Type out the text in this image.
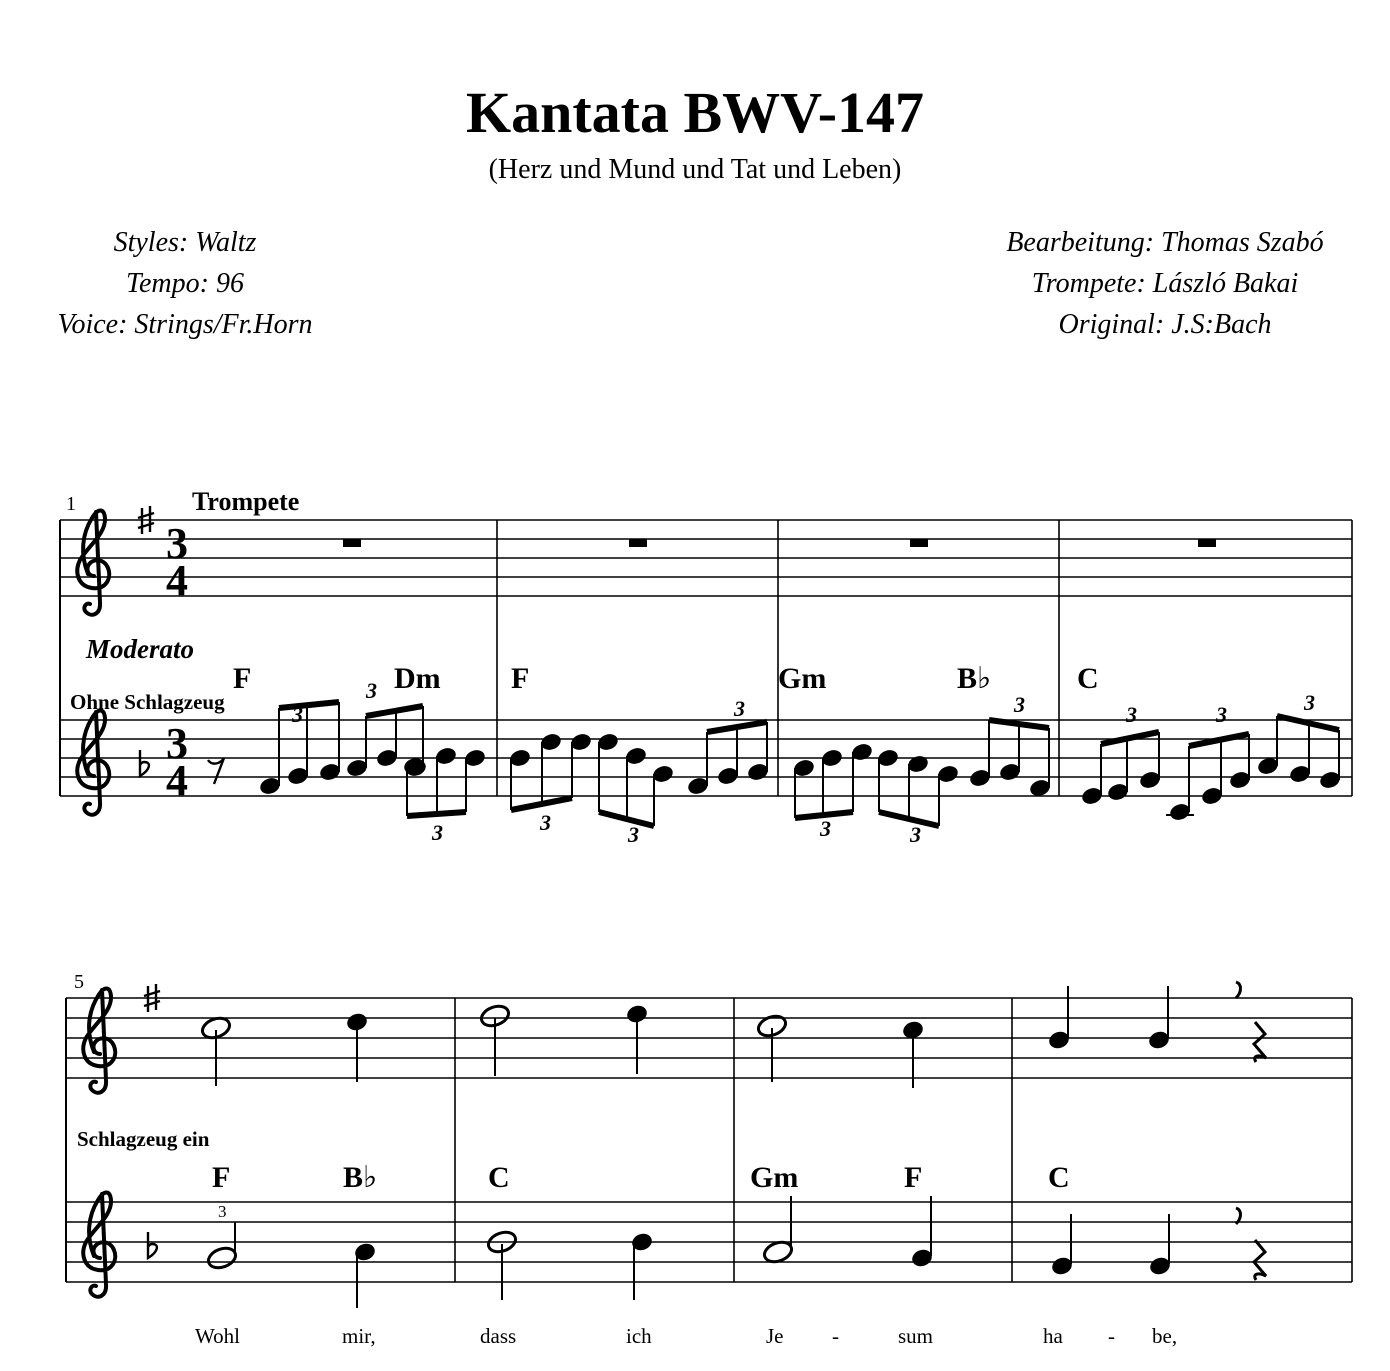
Kantata BWV-147
(Herz und Mund und Tat und Leben)
Styles: Waltz
Tempo: 96
Voice: Strings/Fr.Horn
Bearbeitung: Thomas Szabó
Trompete: László Bakai
Original: J.S:Bach
1	Trompete
3
4
Moderato
Ohne Schlagzeug
F	Dm F	Gm	B♭	C
3
4
3
3
3	3	3
3
3	3
3	3	3	3
5
Schlagzeug ein
F	B♭	C	Gm	F	C
3
Wohl	mir,	dass	ich	Je -	sum	ha - be,
